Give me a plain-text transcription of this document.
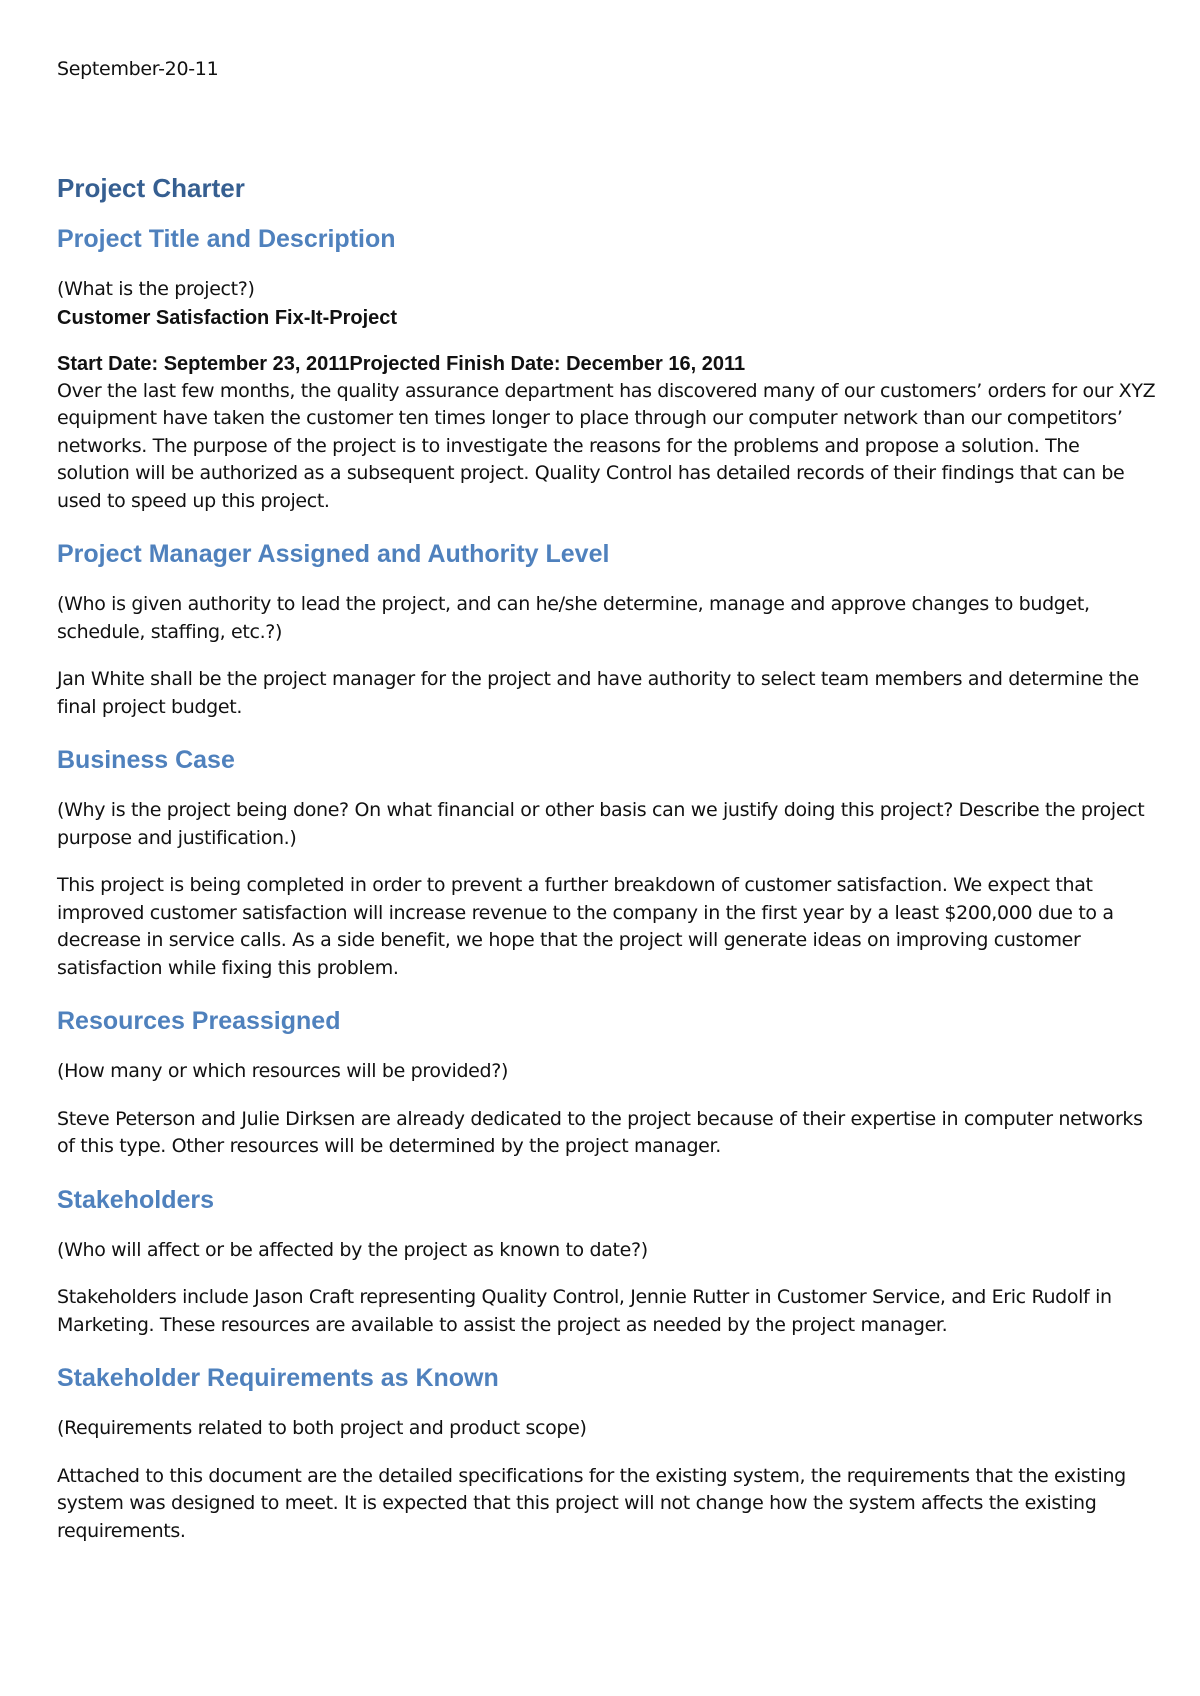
September-20-11
Project Charter
Project Title and Description

(What is the project?)

Customer Satisfaction Fix-It-Project

Start Date: September 23, 2011Projected Finish Date: December 16, 2011

Over the last few months, the quality assurance department has discovered many of our customers’ orders for our XYZ equipment have taken the customer ten times longer to place through our computer network than our competitors’ networks. The purpose of the project is to investigate the reasons for the problems and propose a solution. The solution will be authorized as a subsequent project. Quality Control has detailed records of their findings that can be used to speed up this project.

Project Manager Assigned and Authority Level

(Who is given authority to lead the project, and can he/she determine, manage and approve changes to budget, schedule, staffing, etc.?)

Jan White shall be the project manager for the project and have authority to select team members and determine the final project budget.

Business Case

(Why is the project being done? On what financial or other basis can we justify doing this project? Describe the project purpose and justification.)

This project is being completed in order to prevent a further breakdown of customer satisfaction. We expect that improved customer satisfaction will increase revenue to the company in the first year by a least $200,000 due to a decrease in service calls. As a side benefit, we hope that the project will generate ideas on improving customer satisfaction while fixing this problem.

Resources Preassigned

(How many or which resources will be provided?)

Steve Peterson and Julie Dirksen are already dedicated to the project because of their expertise in computer networks of this type. Other resources will be determined by the project manager.

Stakeholders

(Who will affect or be affected by the project as known to date?)

Stakeholders include Jason Craft representing Quality Control, Jennie Rutter in Customer Service, and Eric Rudolf in Marketing. These resources are available to assist the project as needed by the project manager.

Stakeholder Requirements as Known

(Requirements related to both project and product scope)

Attached to this document are the detailed specifications for the existing system, the requirements that the existing system was designed to meet. It is expected that this project will not change how the system affects the existing requirements.
